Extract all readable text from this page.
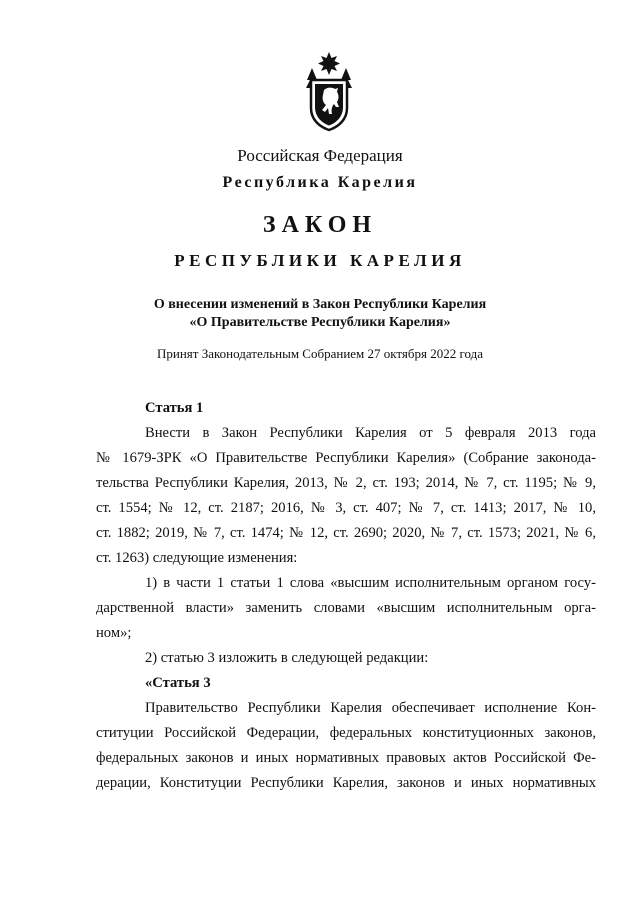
Российская Федерация
Республика Карелия
ЗАКОН
РЕСПУБЛИКИ КАРЕЛИЯ
О внесении изменений в Закон Республики Карелия
«О Правительстве Республики Карелия»
Принят Законодательным Собранием 27 октября 2022 года
Статья 1
Внести в Закон Республики Карелия от 5 февраля 2013 года
№ 1679-ЗРК «О Правительстве Республики Карелия» (Собрание законода-
тельства Республики Карелия, 2013, № 2, ст. 193; 2014, № 7, ст. 1195; № 9,
ст. 1554; № 12, ст. 2187; 2016, № 3, ст. 407; № 7, ст. 1413; 2017, № 10,
ст. 1882; 2019, № 7, ст. 1474; № 12, ст. 2690; 2020, № 7, ст. 1573; 2021, № 6,
ст. 1263) следующие изменения:
1) в части 1 статьи 1 слова «высшим исполнительным органом госу-
дарственной власти» заменить словами «высшим исполнительным орга-
ном»;
2) статью 3 изложить в следующей редакции:
«Статья 3
Правительство Республики Карелия обеспечивает исполнение Кон-
ституции Российской Федерации, федеральных конституционных законов,
федеральных законов и иных нормативных правовых актов Российской Фе-
дерации, Конституции Республики Карелия, законов и иных нормативных
